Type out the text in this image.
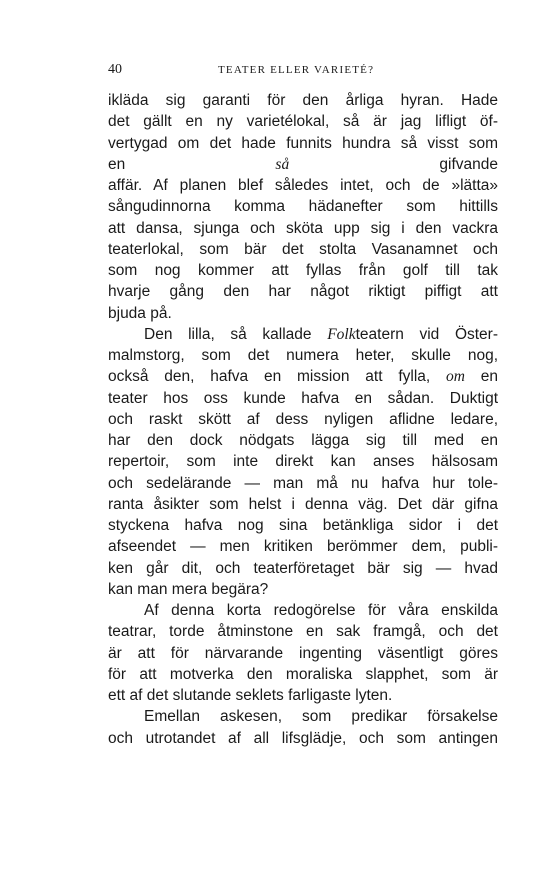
40	TEATER ELLER VARIETÉ?
ikläda sig garanti för den årliga hyran. Hade
det gällt en ny varietélokal, så är jag lifligt öf-
vertygad om det hade funnits hundra så visst som
en så gifvande
affär. Af planen blef således intet, och de »lätta»
sångudinnorna komma hädanefter som hittills
att dansa, sjunga och sköta upp sig i den vackra
teaterlokal, som bär det stolta Vasanamnet och
som nog kommer att fyllas från golf till tak
hvarje gång den har något riktigt piffigt att
bjuda på.
Den lilla, så kallade Folkteatern vid Öster-
malmstorg, som det numera heter, skulle nog,
också den, hafva en mission att fylla, om en
teater hos oss kunde hafva en sådan. Duktigt
och raskt skött af dess nyligen aflidne ledare,
har den dock nödgats lägga sig till med en
repertoir, som inte direkt kan anses hälsosam
och sedelärande — man må nu hafva hur tole-
ranta åsikter som helst i denna väg. Det där gifna
styckena hafva nog sina betänkliga sidor i det
afseendet — men kritiken berömmer dem, publi-
ken går dit, och teaterföretaget bär sig — hvad
kan man mera begära?
Af denna korta redogörelse för våra enskilda
teatrar, torde åtminstone en sak framgå, och det
är att för närvarande ingenting väsentligt göres
för att motverka den moraliska slapphet, som är
ett af det slutande seklets farligaste lyten.
Emellan askesen, som predikar försakelse
och utrotandet af all lifsglädje, och som antingen
